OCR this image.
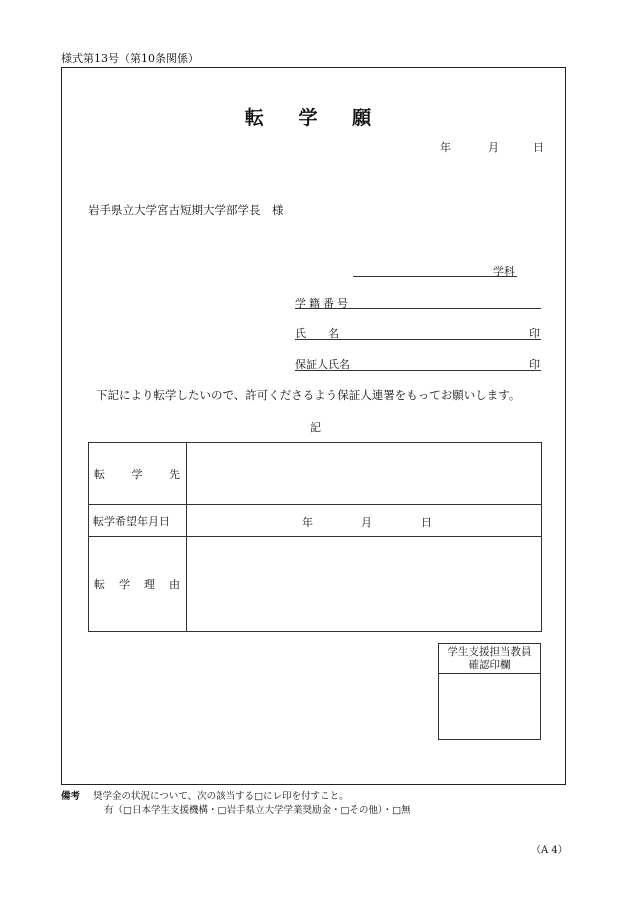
様式第13号（第10条関係）
転 学 願
年	月	日
岩手県立大学宮古短期大学部学長　様
学科
学籍番号
氏　　名	印
保証人氏名	印
下記により転学したいので、許可くださるよう保証人連署をもってお願いします。
記
転 学 先	

転学希望年月日	年 月 日

転 学 理 由	

学生支援担当教員
確認印欄
備考 奨学金の状況について、次の該当する□にレ印を付すこと。
有（□日本学生支援機構・□岩手県立大学学業奨励金・□その他）・□無
（A 4）
